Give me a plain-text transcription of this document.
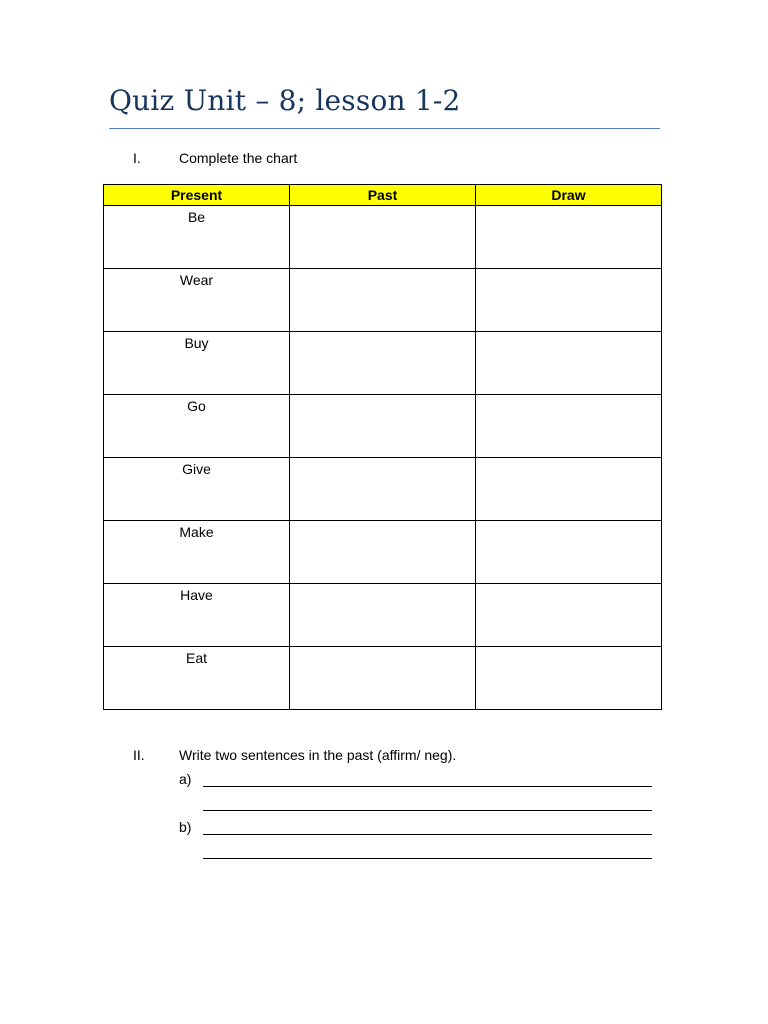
Quiz Unit – 8; lesson 1-2
I.	Complete the chart
Present	Past	Draw
Be		
Wear		
Buy		
Go		
Give		
Make		
Have		
Eat		
II. Write two sentences in the past (affirm/ neg).
a)
b)
